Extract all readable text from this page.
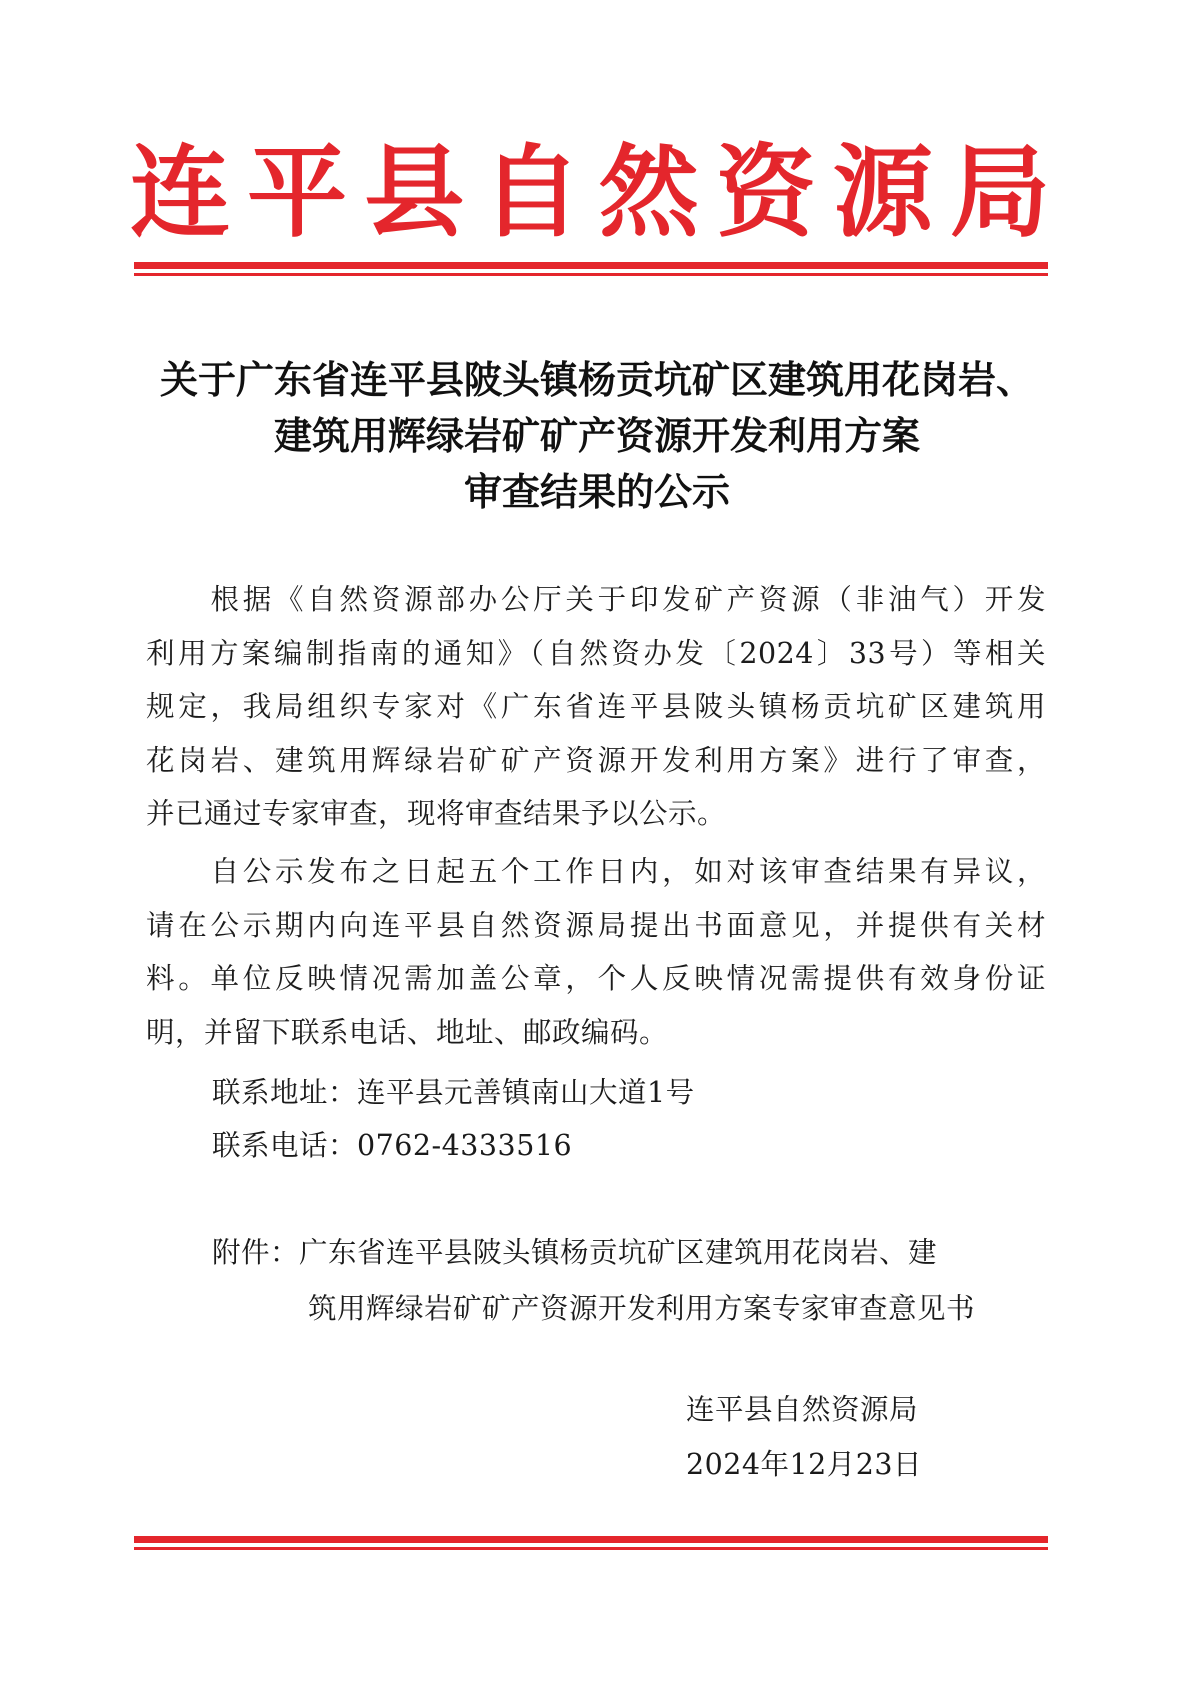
连 平 县 自 然 资 源 局
关于广东省连平县陂头镇杨贡坑矿区建筑用花岗岩、
建筑用辉绿岩矿矿产资源开发利用方案
审查结果的公示
　　根据《自然资源部办公厅关于印发矿产资源（非油气）开发
利用方案编制指南的通知》（自然资办发〔2024〕33号）等相关
规定，我局组织专家对《广东省连平县陂头镇杨贡坑矿区建筑用
花岗岩、建筑用辉绿岩矿矿产资源开发利用方案》进行了审查，
并已通过专家审查，现将审查结果予以公示。
　　自公示发布之日起五个工作日内，如对该审查结果有异议，
请在公示期内向连平县自然资源局提出书面意见，并提供有关材
料。单位反映情况需加盖公章，个人反映情况需提供有效身份证
明，并留下联系电话、地址、邮政编码。
联系地址：连平县元善镇南山大道1号
联系电话：0762-4333516
附件：广东省连平县陂头镇杨贡坑矿区建筑用花岗岩、建
筑用辉绿岩矿矿产资源开发利用方案专家审查意见书
连平县自然资源局
2024年12月23日
